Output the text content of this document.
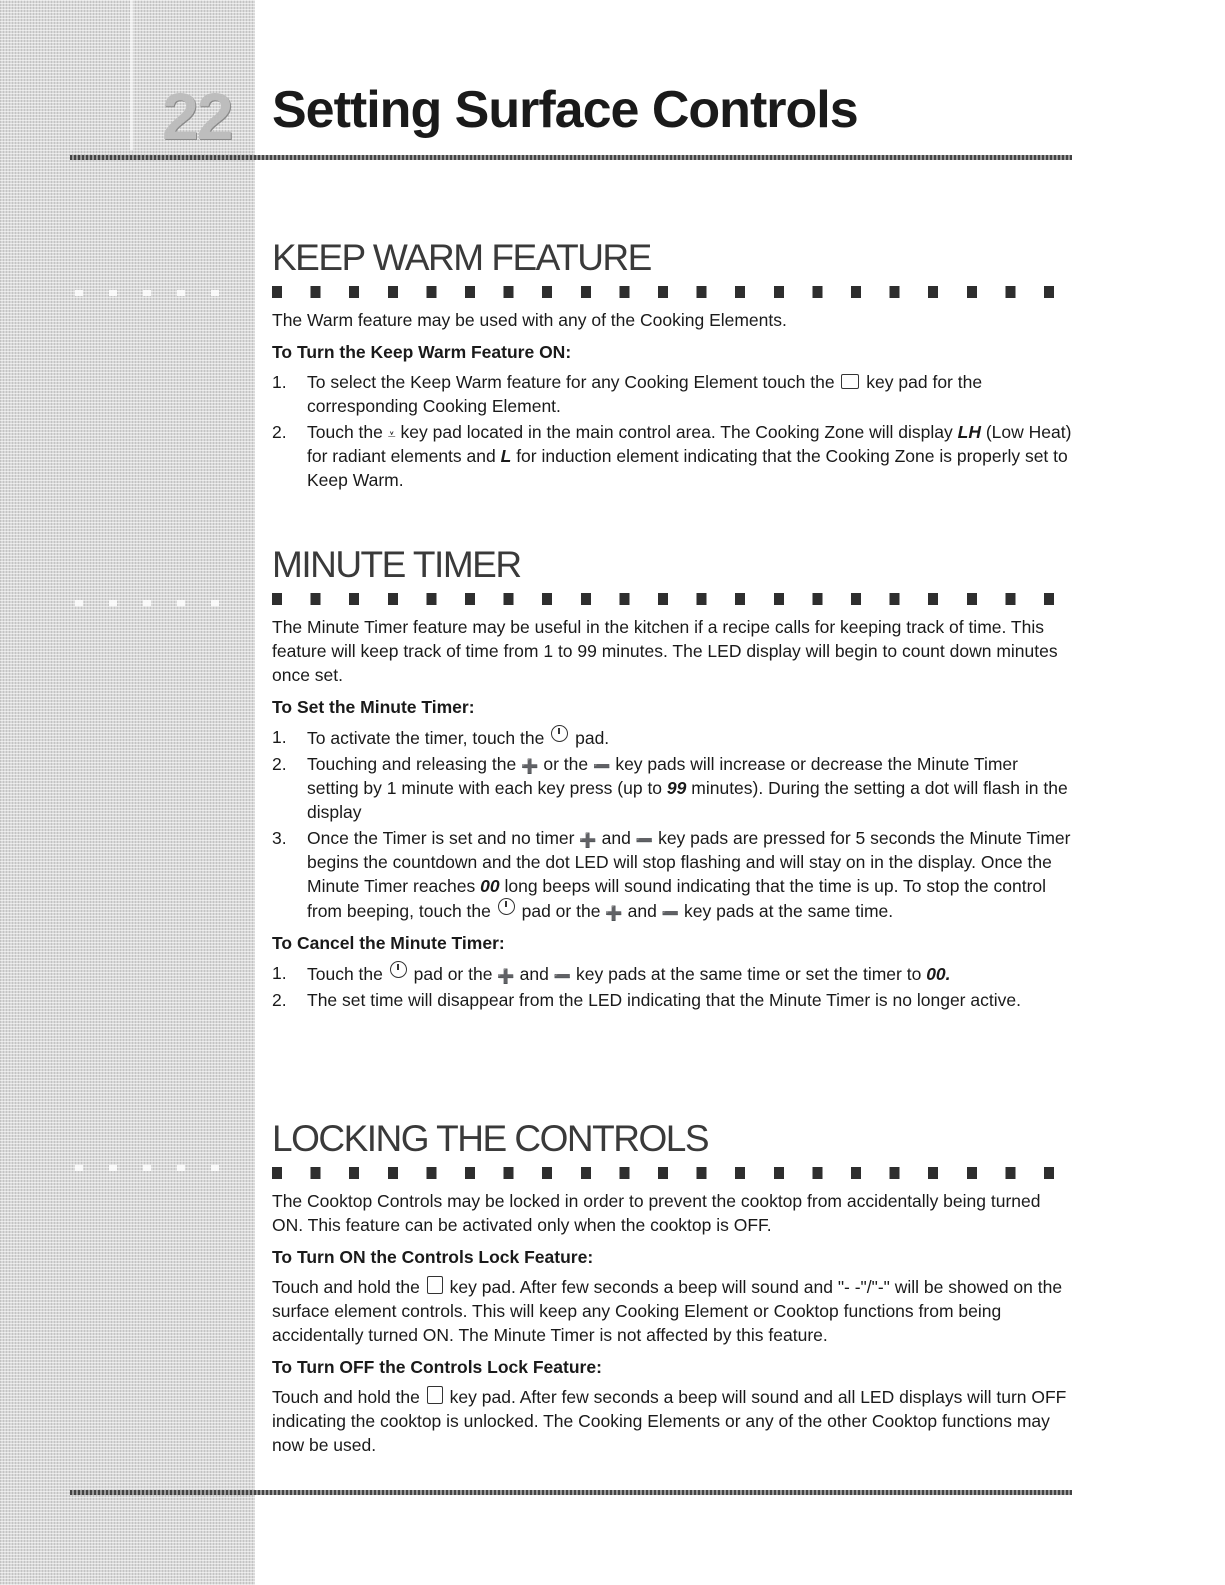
22 Setting Surface Controls
KEEP WARM FEATURE

The Warm feature may be used with any of the Cooking Elements.

To Turn the Keep Warm Feature ON:

1. To select the Keep Warm feature for any Cooking Element touch the key pad for the corresponding Cooking Element.
2. Touch the ⩡ key pad located in the main control area. The Cooking Zone will display LH (Low Heat) for radiant elements and L for induction element indicating that the Cooking Zone is properly set to Keep Warm.
MINUTE TIMER

The Minute Timer feature may be useful in the kitchen if a recipe calls for keeping track of time. This feature will keep track of time from 1 to 99 minutes. The LED display will begin to count down minutes once set.

To Set the Minute Timer:

1. To activate the timer, touch the pad.
2. Touching and releasing the ➕ or the ➖ key pads will increase or decrease the Minute Timer setting by 1 minute with each key press (up to 99 minutes). During the setting a dot will flash in the display
3. Once the Timer is set and no timer ➕ and ➖ key pads are pressed for 5 seconds the Minute Timer begins the countdown and the dot LED will stop flashing and will stay on in the display. Once the Minute Timer reaches 00 long beeps will sound indicating that the time is up. To stop the control from beeping, touch the pad or the ➕ and ➖ key pads at the same time.

To Cancel the Minute Timer:

1. Touch the pad or the ➕ and ➖ key pads at the same time or set the timer to 00.
2. The set time will disappear from the LED indicating that the Minute Timer is no longer active.
LOCKING THE CONTROLS

The Cooktop Controls may be locked in order to prevent the cooktop from accidentally being turned ON. This feature can be activated only when the cooktop is OFF.

To Turn ON the Controls Lock Feature:

Touch and hold the key pad. After few seconds a beep will sound and "- -"/"-" will be showed on the surface element controls. This will keep any Cooking Element or Cooktop functions from being accidentally turned ON. The Minute Timer is not affected by this feature.

To Turn OFF the Controls Lock Feature:

Touch and hold the key pad. After few seconds a beep will sound and all LED displays will turn OFF indicating the cooktop is unlocked. The Cooking Elements or any of the other Cooktop functions may now be used.
